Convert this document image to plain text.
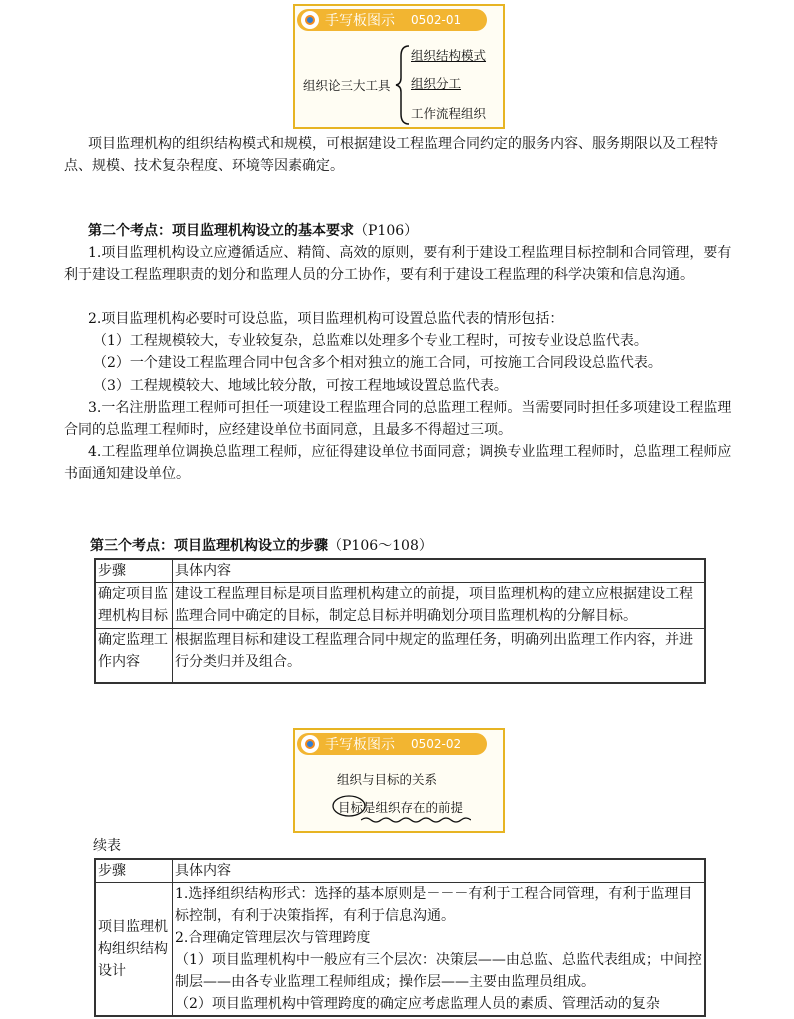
手写板图示 0502-01
组织论三大工具
组织结构模式
组织分工
工作流程组织
项目监理机构的组织结构模式和规模，可根据建设工程监理合同约定的服务内容、服务期限以及工程特点、规模、技术复杂程度、环境等因素确定。
第二个考点：项目监理机构设立的基本要求（P106）
1.项目监理机构设立应遵循适应、精简、高效的原则，要有利于建设工程监理目标控制和合同管理，要有利于建设工程监理职责的划分和监理人员的分工协作，要有利于建设工程监理的科学决策和信息沟通。
2.项目监理机构必要时可设总监，项目监理机构可设置总监代表的情形包括：
（1）工程规模较大，专业较复杂，总监难以处理多个专业工程时，可按专业设总监代表。
（2）一个建设工程监理合同中包含多个相对独立的施工合同，可按施工合同段设总监代表。
（3）工程规模较大、地域比较分散，可按工程地域设置总监代表。
3.一名注册监理工程师可担任一项建设工程监理合同的总监理工程师。当需要同时担任多项建设工程监理合同的总监理工程师时，应经建设单位书面同意，且最多不得超过三项。
4.工程监理单位调换总监理工程师，应征得建设单位书面同意；调换专业监理工程师时，总监理工程师应书面通知建设单位。
第三个考点：项目监理机构设立的步骤（P106～108）
步骤	具体内容
确定项目监理机构目标	建设工程监理目标是项目监理机构建立的前提，项目监理机构的建立应根据建设工程监理合同中确定的目标，制定总目标并明确划分项目监理机构的分解目标。
确定监理工作内容	根据监理目标和建设工程监理合同中规定的监理任务，明确列出监理工作内容，并进行分类归并及组合。
手写板图示 0502-02
组织与目标的关系
目标是组织存在的前提
续表
步骤	具体内容
项目监理机构组织结构设计	1.选择组织结构形式：选择的基本原则是－－－有利于工程合同管理，有利于监理目标控制，有利于决策指挥，有利于信息沟通。
2.合理确定管理层次与管理跨度
（1）项目监理机构中一般应有三个层次：决策层——由总监、总监代表组成；中间控制层——由各专业监理工程师组成；操作层——主要由监理员组成。
（2）项目监理机构中管理跨度的确定应考虑监理人员的素质、管理活动的复杂
